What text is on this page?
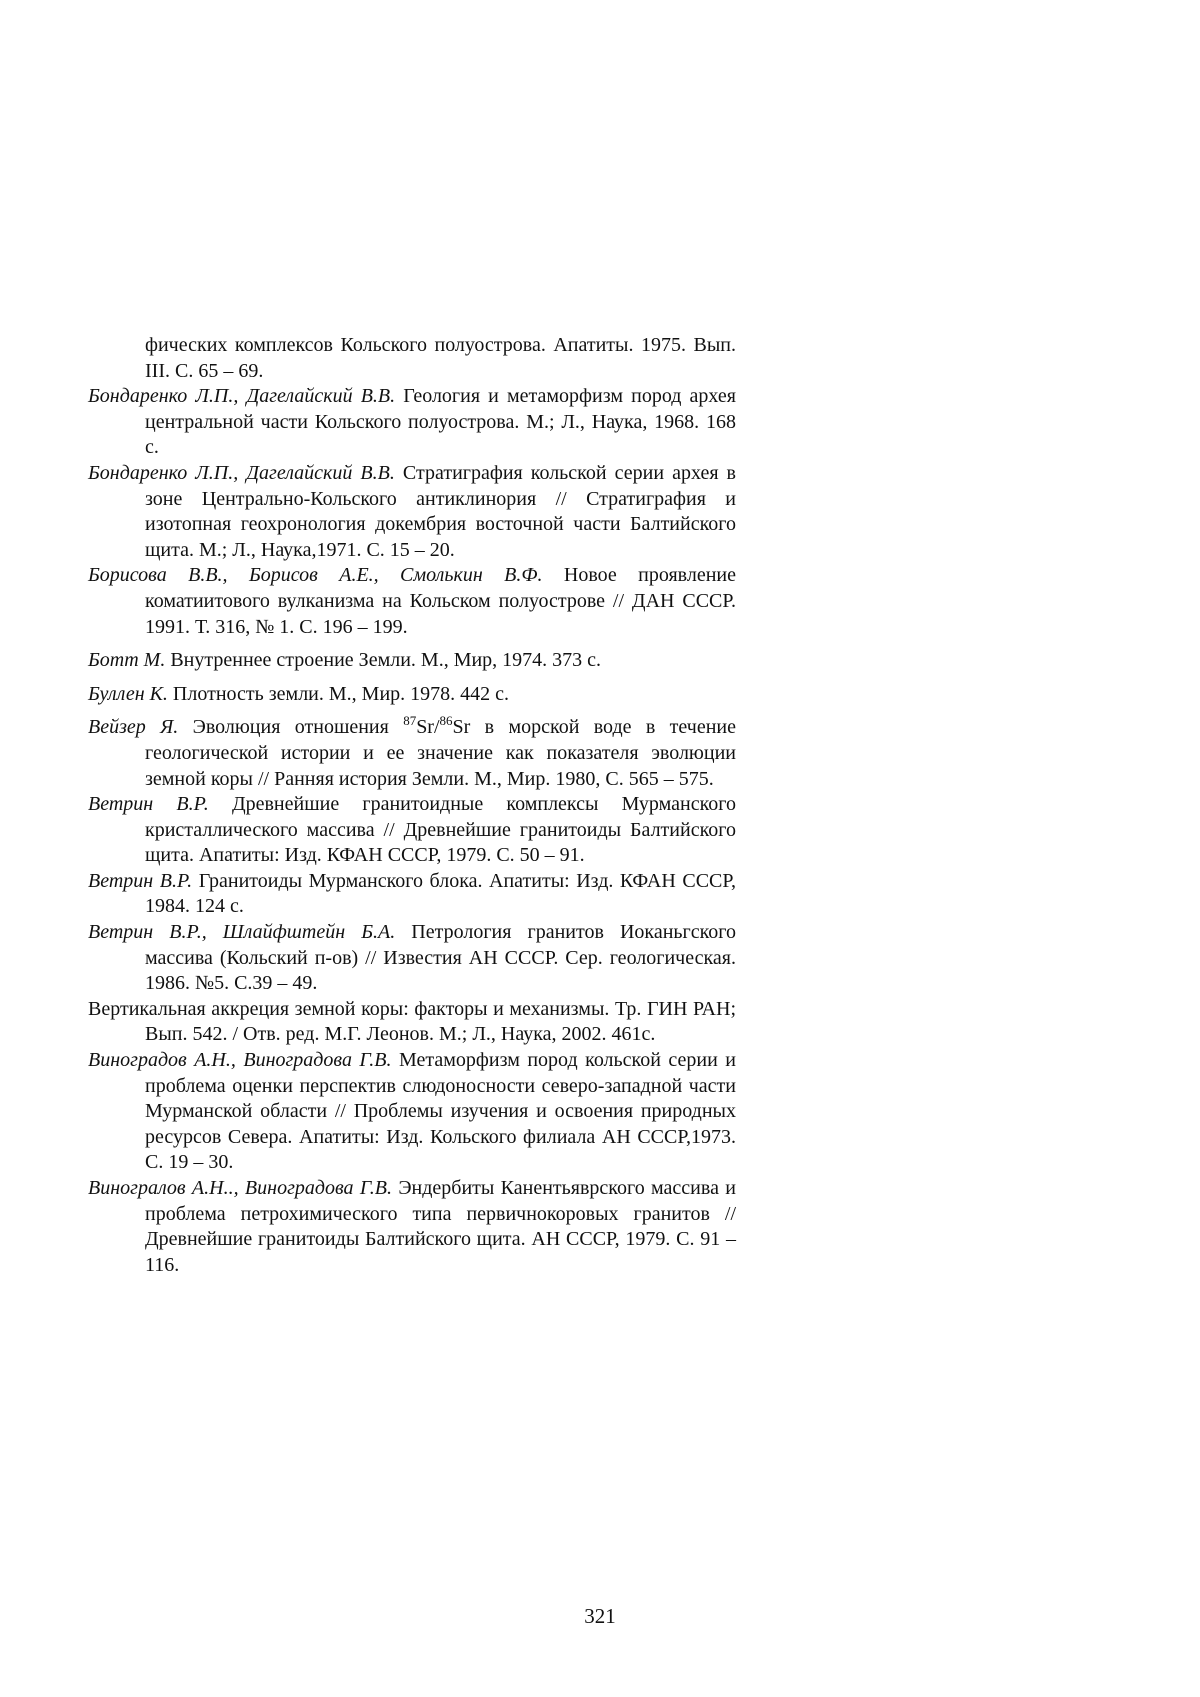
фических комплексов Кольского полуострова. Апатиты. 1975. Вып. III. С. 65 – 69.

Бондаренко Л.П., Дагелайский В.В. Геология и метаморфизм пород архея центральной части Кольского полуострова. М.; Л., Наука, 1968. 168 с.

Бондаренко Л.П., Дагелайский В.В. Стратиграфия кольской серии архея в зоне Центрально-Кольского антиклинория // Стратиграфия и изотопная геохронология докембрия восточной части Балтийского щита. М.; Л., Наука,1971. С. 15 – 20.

Борисова В.В., Борисов А.Е., Смолькин В.Ф. Новое проявление коматиитового вулканизма на Кольском полуострове // ДАН СССР. 1991. Т. 316, № 1. С. 196 – 199.

Ботт М. Внутреннее строение Земли. М., Мир, 1974. 373 с.

Буллен К. Плотность земли. М., Мир. 1978. 442 с.

Вейзер Я. Эволюция отношения $^{87}$Sr/$^{86}$Sr в морской воде в течение геологической истории и ее значение как показателя эволюции земной коры // Ранняя история Земли. М., Мир. 1980, С. 565 – 575.

Ветрин В.Р. Древнейшие гранитоидные комплексы Мурманского кристаллического массива // Древнейшие гранитоиды Балтийского щита. Апатиты: Изд. КФАН СССР, 1979. С. 50 – 91.

Ветрин В.Р. Гранитоиды Мурманского блока. Апатиты: Изд. КФАН СССР, 1984. 124 с.

Ветрин В.Р., Шлайфштейн Б.А. Петрология гранитов Иоканьгского массива (Кольский п-ов) // Известия АН СССР. Сер. геологическая. 1986. №5. С.39 – 49.

Вертикальная аккреция земной коры: факторы и механизмы. Тр. ГИН РАН; Вып. 542. / Отв. ред. М.Г. Леонов. М.; Л., Наука, 2002. 461с.

Виноградов А.Н., Виноградова Г.В. Метаморфизм пород кольской серии и проблема оценки перспектив слюдоносности северо-западной части Мурманской области // Проблемы изучения и освоения природных ресурсов Севера. Апатиты: Изд. Кольского филиала АН СССР,1973. С. 19 – 30.

Виногралов А.Н.., Виноградова Г.В. Эндербиты Канентьяврского массива и проблема петрохимического типа первичнокоровых гранитов // Древнейшие гранитоиды Балтийского щита. АН СССР, 1979. С. 91 – 116.

321
